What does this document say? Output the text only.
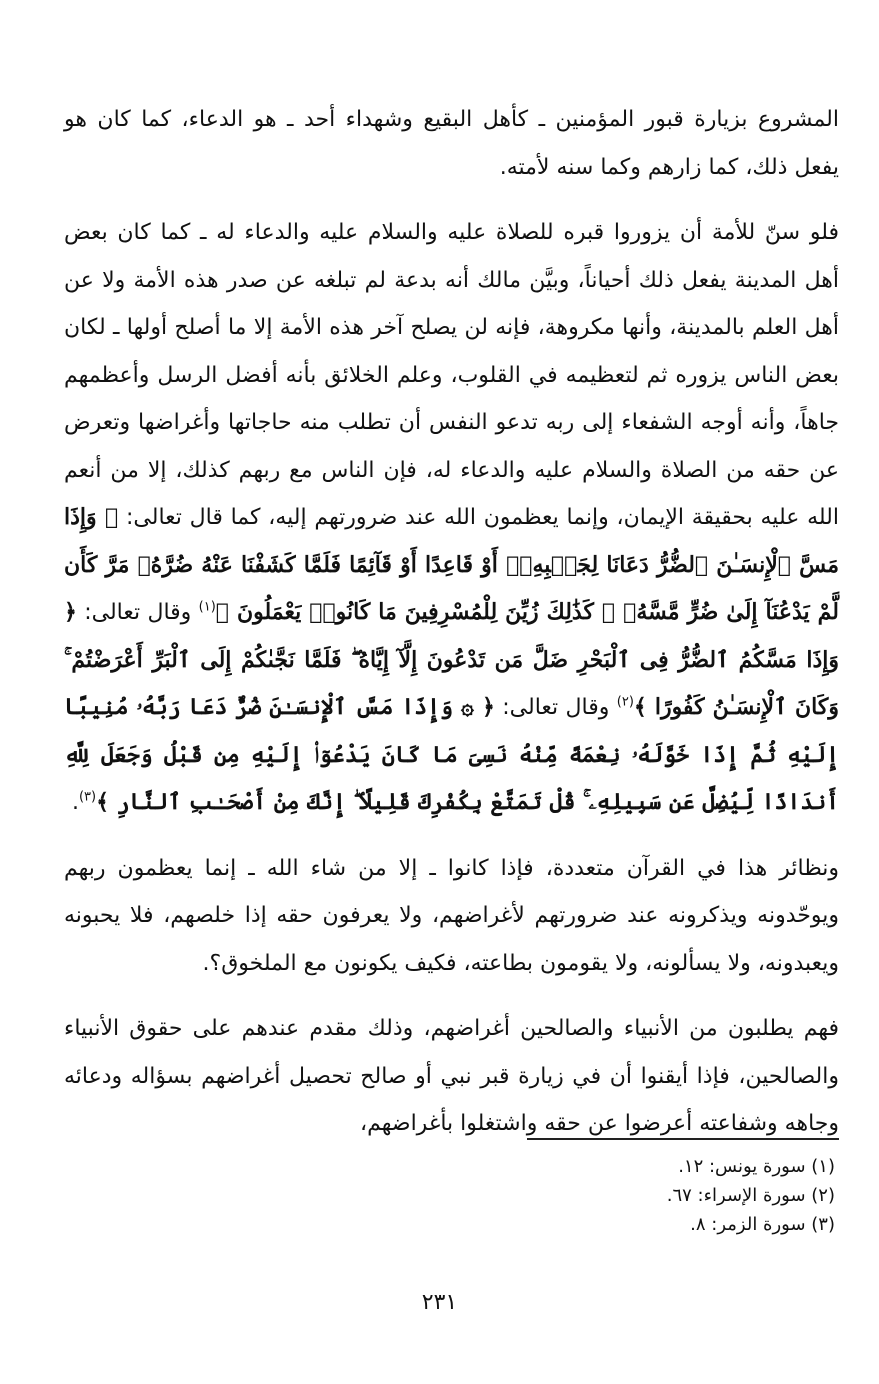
المشروع بزيارة قبور المؤمنين ـ كأهل البقيع وشهداء أحد ـ هو الدعاء، كما كان هو يفعل ذلك، كما زارهم وكما سنه لأمته.

فلو سنّ للأمة أن يزوروا قبره للصلاة عليه والسلام عليه والدعاء له ـ كما كان بعض أهل المدينة يفعل ذلك أحياناً، وبيَّن مالك أنه بدعة لم تبلغه عن صدر هذه الأمة ولا عن أهل العلم بالمدينة، وأنها مكروهة، فإنه لن يصلح آخر هذه الأمة إلا ما أصلح أولها ـ لكان بعض الناس يزوره ثم لتعظيمه في القلوب، وعلم الخلائق بأنه أفضل الرسل وأعظمهم جاهاً، وأنه أوجه الشفعاء إلى ربه تدعو النفس أن تطلب منه حاجاتها وأغراضها وتعرض عن حقه من الصلاة والسلام عليه والدعاء له، فإن الناس مع ربهم كذلك، إلا من أنعم الله عليه بحقيقة الإيمان، وإنما يعظمون الله عند ضرورتهم إليه، كما قال تعالى: ﴿ وَإِذَا مَسَّ ٱلْإِنسَـٰنَ ٱلضُّرُّ دَعَانَا لِجَنۢبِهِۦٓ أَوْ قَاعِدًا أَوْ قَآئِمًا فَلَمَّا كَشَفْنَا عَنْهُ ضُرَّهُۥ مَرَّ كَأَن لَّمْ يَدْعُنَآ إِلَىٰ ضُرٍّ مَّسَّهُۥ ۚ كَذَٰلِكَ زُيِّنَ لِلْمُسْرِفِينَ مَا كَانُوا۟ يَعْمَلُونَ ﴾$^{(١)}$ وقال تعالى: ﴿ وَإِذَا مَسَّكُمُ ٱلضُّرُّ فِى ٱلْبَحْرِ ضَلَّ مَن تَدْعُونَ إِلَّآ إِيَّاهُ ۖ فَلَمَّا نَجَّىٰكُمْ إِلَى ٱلْبَرِّ أَعْرَضْتُمْ ۚ وَكَانَ ٱلْإِنسَـٰنُ كَفُورًا ﴾$^{(٢)}$ وقال تعالى: ﴿ ۞ وَإِذَا مَسَّ ٱلْإِنسَـٰنَ ضُرٌّ دَعَا رَبَّهُۥ مُنِيبًا إِلَيْهِ ثُمَّ إِذَا خَوَّلَهُۥ نِعْمَةً مِّنْهُ نَسِىَ مَا كَانَ يَدْعُوٓا۟ إِلَيْهِ مِن قَبْلُ وَجَعَلَ لِلَّهِ أَندَادًا لِّيُضِلَّ عَن سَبِيلِهِۦ ۚ قُلْ تَمَتَّعْ بِكُفْرِكَ قَلِيلًا ۖ إِنَّكَ مِنْ أَصْحَـٰبِ ٱلنَّارِ ﴾$^{(٣)}$.

ونظائر هذا في القرآن متعددة، فإذا كانوا ـ إلا من شاء الله ـ إنما يعظمون ربهم ويوحّدونه ويذكرونه عند ضرورتهم لأغراضهم، ولا يعرفون حقه إذا خلصهم، فلا يحبونه ويعبدونه، ولا يسألونه، ولا يقومون بطاعته، فكيف يكونون مع الملخوق؟.

فهم يطلبون من الأنبياء والصالحين أغراضهم، وذلك مقدم عندهم على حقوق الأنبياء والصالحين، فإذا أيقنوا أن في زيارة قبر نبي أو صالح تحصيل أغراضهم بسؤاله ودعائه وجاهه وشفاعته أعرضوا عن حقه واشتغلوا بأغراضهم،

(١) سورة يونس: ١٢.
(٢) سورة الإسراء: ٦٧.
(٣) سورة الزمر: ٨.
٢٣١
